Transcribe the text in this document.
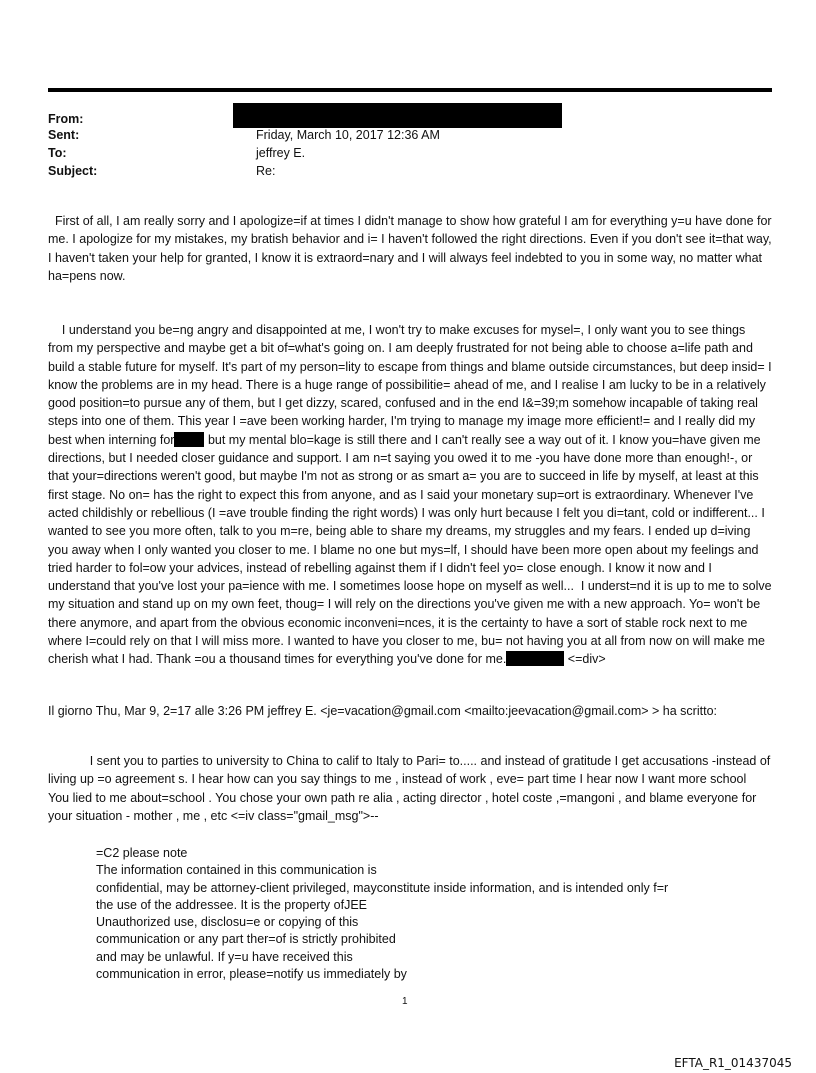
From:
Sent:	Friday, March 10, 2017 12:36 AM
To:	jeffrey E.
Subject:	Re:
First of all, I am really sorry and I apologize=if at times I didn't manage to show how grateful I am for everything y=u have done for me. I apologize for my mistakes, my bratish behavior and i= I haven't followed the right directions. Even if you don't see it=that way, I haven't taken your help for granted, I know it is extraord=nary and I will always feel indebted to you in some way, no matter what ha=pens now.
I understand you be=ng angry and disappointed at me, I won't try to make excuses for mysel=, I only want you to see things from my perspective and maybe get a bit of=what's going on. I am deeply frustrated for not being able to choose a=life path and build a stable future for myself. It's part of my person=lity to escape from things and blame outside circumstances, but deep insid= I know the problems are in my head. There is a huge range of possibilitie= ahead of me, and I realise I am lucky to be in a relatively good position=to pursue any of them, but I get dizzy, scared, confused and in the end I&=39;m somehow incapable of taking real steps into one of them. This year I =ave been working harder, I'm trying to manage my image more efficient!= and I really did my best when interning for but my mental blo=kage is still there and I can't really see a way out of it. I know you=have given me directions, but I needed closer guidance and support. I am n=t saying you owed it to me -you have done more than enough!-, or that your=directions weren't good, but maybe I'm not as strong or as smart a= you are to succeed in life by myself, at least at this first stage. No on= has the right to expect this from anyone, and as I said your monetary sup=ort is extraordinary. Whenever I've acted childishly or rebellious (I =ave trouble finding the right words) I was only hurt because I felt you di=tant, cold or indifferent... I wanted to see you more often, talk to you m=re, being able to share my dreams, my struggles and my fears. I ended up d=iving you away when I only wanted you closer to me. I blame no one but mys=lf, I should have been more open about my feelings and tried harder to fol=ow your advices, instead of rebelling against them if I didn't feel yo= close enough. I know it now and I understand that you've lost your pa=ience with me. I sometimes loose hope on myself as well...  I underst=nd it is up to me to solve my situation and stand up on my own feet, thoug= I will rely on the directions you've given me with a new approach. Yo= won't be there anymore, and apart from the obvious economic inconveni=nces, it is the certainty to have a sort of stable rock next to me where I=could rely on that I will miss more. I wanted to have you closer to me, bu= not having you at all from now on will make me cherish what I had. Thank =ou a thousand times for everything you've done for me.	<=div>
Il giorno Thu, Mar 9, 2=17 alle 3:26 PM jeffrey E. <je=vacation@gmail.com <mailto:jeevacation@gmail.com> > ha scritto:
I sent you to parties to university to China to calif to Italy to Pari= to..... and instead of gratitude I get accusations -instead of living up =o agreement s. I hear how can you say things to me , instead of work , eve= part time I hear now I want more school    You lied to me about=school . You chose your own path re alia , acting director , hotel coste ,=mangoni , and blame everyone for your situation - mother , me , etc <=iv class="gmail_msg">--
=C2 please note
The information contained in this communication is
confidential, may be attorney-client privileged, mayconstitute inside information, and is intended only f=r
the use of the addressee. It is the property ofJEE
Unauthorized use, disclosu=e or copying of this
communication or any part ther=of is strictly prohibited
and may be unlawful. If y=u have received this
communication in error, please=notify us immediately by
1
EFTA_R1_01437045
